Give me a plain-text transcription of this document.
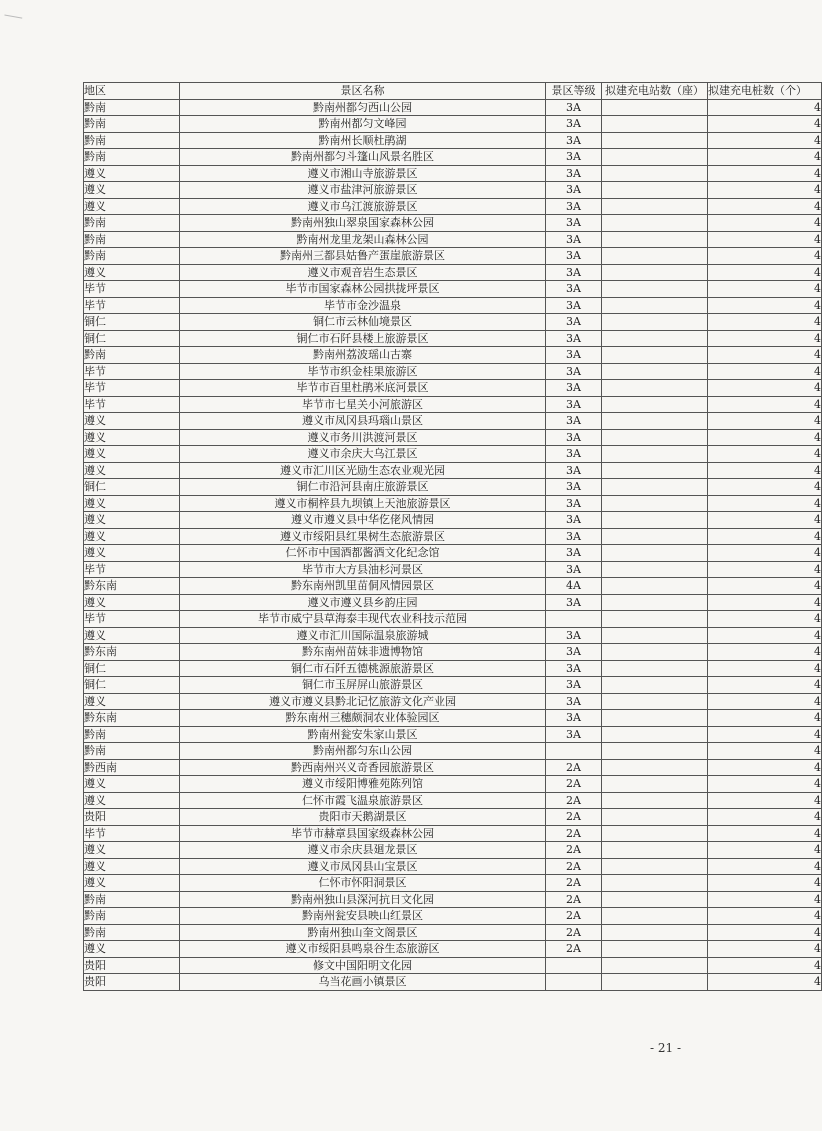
地区	景区名称	景区等级	拟建充电站数（座）	拟建充电桩数（个）
黔南	黔南州都匀西山公园	3A		4
黔南	黔南州都匀文峰园	3A		4
黔南	黔南州长顺杜鹃湖	3A		4
黔南	黔南州都匀斗篷山风景名胜区	3A		4
遵义	遵义市湘山寺旅游景区	3A		4
遵义	遵义市盐津河旅游景区	3A		4
遵义	遵义市乌江渡旅游景区	3A		4
黔南	黔南州独山翠泉国家森林公园	3A		4
黔南	黔南州龙里龙架山森林公园	3A		4
黔南	黔南州三都县姑鲁产蛋崖旅游景区	3A		4
遵义	遵义市观音岩生态景区	3A		4
毕节	毕节市国家森林公园拱拢坪景区	3A		4
毕节	毕节市金沙温泉	3A		4
铜仁	铜仁市云林仙境景区	3A		4
铜仁	铜仁市石阡县楼上旅游景区	3A		4
黔南	黔南州荔波瑶山古寨	3A		4
毕节	毕节市织金桂果旅游区	3A		4
毕节	毕节市百里杜鹃米底河景区	3A		4
毕节	毕节市七星关小河旅游区	3A		4
遵义	遵义市凤冈县玛瑙山景区	3A		4
遵义	遵义市务川洪渡河景区	3A		4
遵义	遵义市余庆大乌江景区	3A		4
遵义	遵义市汇川区光励生态农业观光园	3A		4
铜仁	铜仁市沿河县南庄旅游景区	3A		4
遵义	遵义市桐梓县九坝镇上天池旅游景区	3A		4
遵义	遵义市遵义县中华仡佬风情园	3A		4
遵义	遵义市绥阳县红果树生态旅游景区	3A		4
遵义	仁怀市中国酒都酱酒文化纪念馆	3A		4
毕节	毕节市大方县油杉河景区	3A		4
黔东南	黔东南州凯里苗侗风情园景区	4A		4
遵义	遵义市遵义县乡韵庄园	3A		4
毕节	毕节市威宁县草海泰丰现代农业科技示范园			4
遵义	遵义市汇川国际温泉旅游城	3A		4
黔东南	黔东南州苗妹非遗博物馆	3A		4
铜仁	铜仁市石阡五德桃源旅游景区	3A		4
铜仁	铜仁市玉屏屏山旅游景区	3A		4
遵义	遵义市遵义县黔北记忆旅游文化产业园	3A		4
黔东南	黔东南州三穗颇洞农业体验园区	3A		4
黔南	黔南州瓮安朱家山景区	3A		4
黔南	黔南州都匀东山公园			4
黔西南	黔西南州兴义奇香园旅游景区	2A		4
遵义	遵义市绥阳博雅苑陈列馆	2A		4
遵义	仁怀市霞飞温泉旅游景区	2A		4
贵阳	贵阳市天鹅湖景区	2A		4
毕节	毕节市赫章县国家级森林公园	2A		4
遵义	遵义市余庆县廻龙景区	2A		4
遵义	遵义市凤冈县山宝景区	2A		4
遵义	仁怀市怀阳洞景区	2A		4
黔南	黔南州独山县深河抗日文化园	2A		4
黔南	黔南州瓮安县映山红景区	2A		4
黔南	黔南州独山奎文阁景区	2A		4
遵义	遵义市绥阳县鸣泉谷生态旅游区	2A		4
贵阳	修文中国阳明文化园			4
贵阳	乌当花画小镇景区			4
- 21 -
